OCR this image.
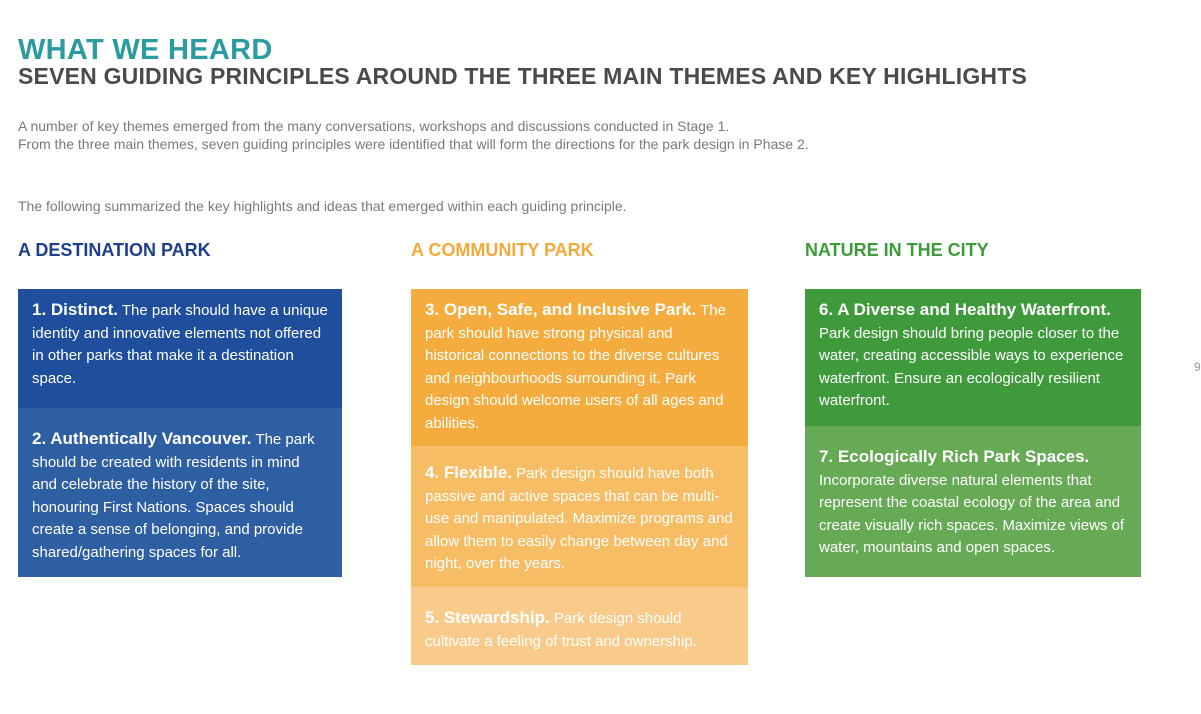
WHAT WE HEARD
SEVEN GUIDING PRINCIPLES AROUND THE THREE MAIN THEMES AND KEY HIGHLIGHTS
A number of key themes emerged from the many conversations, workshops and discussions conducted in Stage 1.
From the three main themes, seven guiding principles were identified that will form the directions for the park design in Phase 2.
The following summarized the key highlights and ideas that emerged within each guiding principle.
A DESTINATION PARK	A COMMUNITY PARK	NATURE IN THE CITY
1. Distinct. The park should have a unique identity and innovative elements not offered in other parks that make it a destination space.
2. Authentically Vancouver. The park should be created with residents in mind and celebrate the history of the site, honouring First Nations. Spaces should create a sense of belonging, and provide shared/gathering spaces for all.
3. Open, Safe, and Inclusive Park. The park should have strong physical and historical connections to the diverse cultures and neighbourhoods surrounding it. Park design should welcome users of all ages and abilities.
4. Flexible. Park design should have both passive and active spaces that can be multi-use and manipulated. Maximize programs and allow them to easily change between day and night, over the years.
5. Stewardship. Park design should cultivate a feeling of trust and ownership.
6. A Diverse and Healthy Waterfront. Park design should bring people closer to the water, creating accessible ways to experience waterfront. Ensure an ecologically resilient waterfront.
7. Ecologically Rich Park Spaces. Incorporate diverse natural elements that represent the coastal ecology of the area and create visually rich spaces. Maximize views of water, mountains and open spaces.
9
